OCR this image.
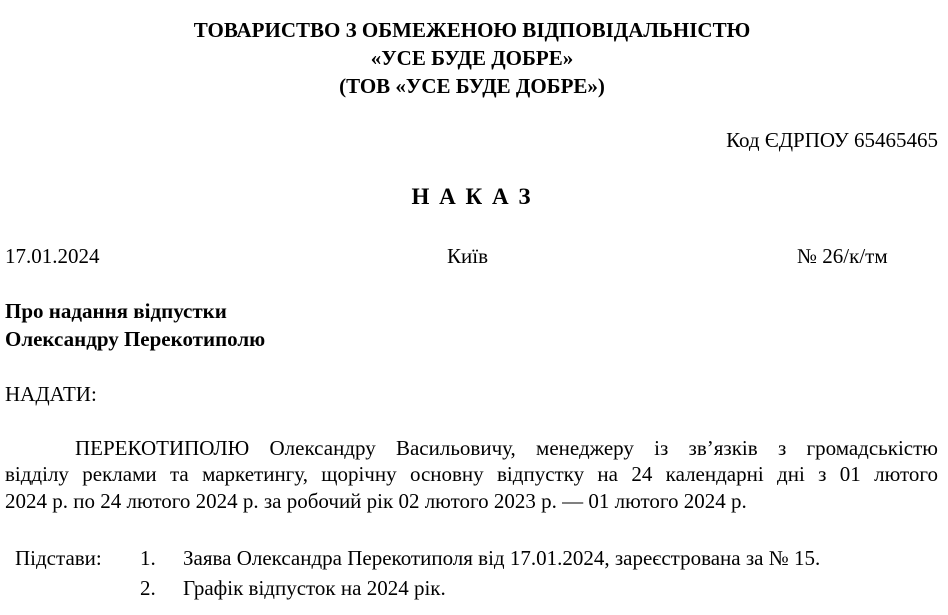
ТОВАРИСТВО З ОБМЕЖЕНОЮ ВІДПОВІДАЛЬНІСТЮ
«УСЕ БУДЕ ДОБРЕ»
(ТОВ «УСЕ БУДЕ ДОБРЕ»)
Код ЄДРПОУ 65465465
Н А К А З
17.01.2024	Київ	№ 26/к/тм
Про надання відпустки
Олександру Перекотиполю
НАДАТИ:
ПЕРЕКОТИПОЛЮ Олександру Васильовичу, менеджеру із зв’язків з громадськістю
відділу реклами та маркетингу, щорічну основну відпустку на 24 календарні дні з 01 лютого
2024 р. по 24 лютого 2024 р. за робочий рік 02 лютого 2023 р. — 01 лютого 2024 р.
Підстави: 1. Заява Олександра Перекотиполя від 17.01.2024, зареєстрована за № 15.
2. Графік відпусток на 2024 рік.
